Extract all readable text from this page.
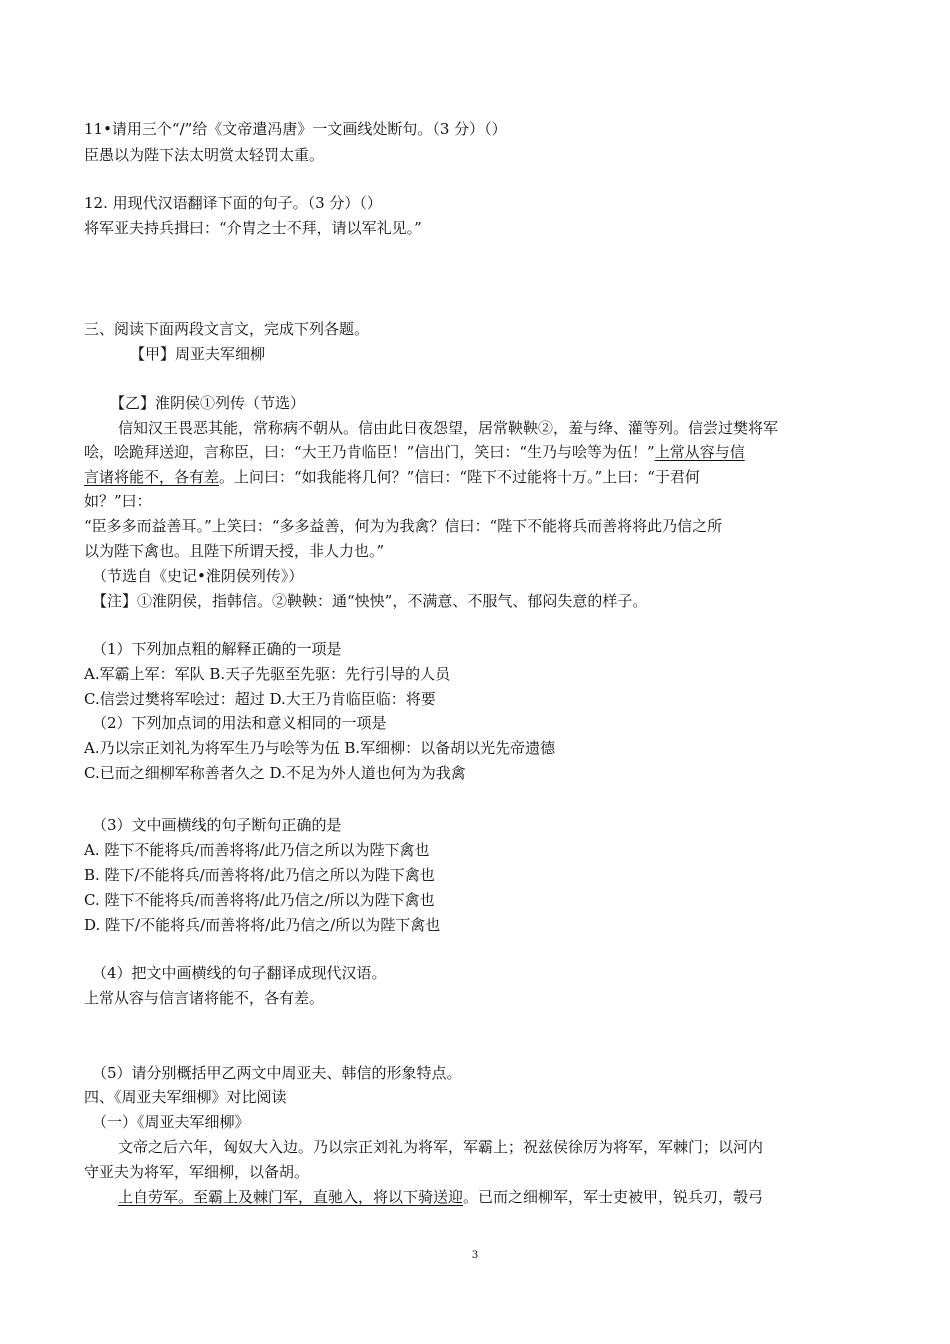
11•请用三个“/”给《文帝遣冯唐》一文画线处断句。（3 分）（）
臣愚以为陛下法太明赏太轻罚太重。
12. 用现代汉语翻译下面的句子。（3 分）（）
将军亚夫持兵揖曰：“介胄之士不拜，请以军礼见。”
三、阅读下面两段文言文，完成下列各题。
【甲】周亚夫军细柳
【乙】淮阴侯①列传（节选）
信知汉王畏恶其能，常称病不朝从。信由此日夜怨望，居常鞅鞅②，羞与绛、灌等列。信尝过樊将军
哙，哙跪拜送迎，言称臣，曰：“大王乃肯临臣！”信出门，笑曰：“生乃与哙等为伍！”上常从容与信
言诸将能不，各有差。上问曰：“如我能将几何？”信曰：“陛下不过能将十万。”上曰：“于君何
如？”曰：
“臣多多而益善耳。”上笑曰：“多多益善，何为为我禽？信曰：“陛下不能将兵而善将将此乃信之所
以为陛下禽也。且陛下所谓天授，非人力也。”
（节选自《史记•淮阴侯列传》）
【注】①淮阴侯，指韩信。②鞅鞅：通“怏怏”，不满意、不服气、郁闷失意的样子。
（1）下列加点粗的解释正确的一项是
A.军霸上军：军队 B.天子先驱至先驱：先行引导的人员
C.信尝过樊将军哙过：超过 D.大王乃肯临臣临：将要
（2）下列加点词的用法和意义相同的一项是
A.乃以宗正刘礼为将军生乃与哙等为伍 B.军细柳：以备胡以光先帝遗德
C.已而之细柳军称善者久之 D.不足为外人道也何为为我禽
（3）文中画横线的句子断句正确的是
A. 陛下不能将兵/而善将将/此乃信之所以为陛下禽也
B. 陛下/不能将兵/而善将将/此乃信之所以为陛下禽也
C. 陛下不能将兵/而善将将/此乃信之/所以为陛下禽也
D. 陛下/不能将兵/而善将将/此乃信之/所以为陛下禽也
（4）把文中画横线的句子翻译成现代汉语。
上常从容与信言诸将能不，各有差。
（5）请分别概括甲乙两文中周亚夫、韩信的形象特点。
四、《周亚夫军细柳》对比阅读
（一）《周亚夫军细柳》
文帝之后六年，匈奴大入边。乃以宗正刘礼为将军，军霸上；祝兹侯徐厉为将军，军棘门；以河内
守亚夫为将军，军细柳，以备胡。
上自劳军。至霸上及棘门军，直驰入，将以下骑送迎。已而之细柳军，军士吏被甲，锐兵刃，彀弓
3
